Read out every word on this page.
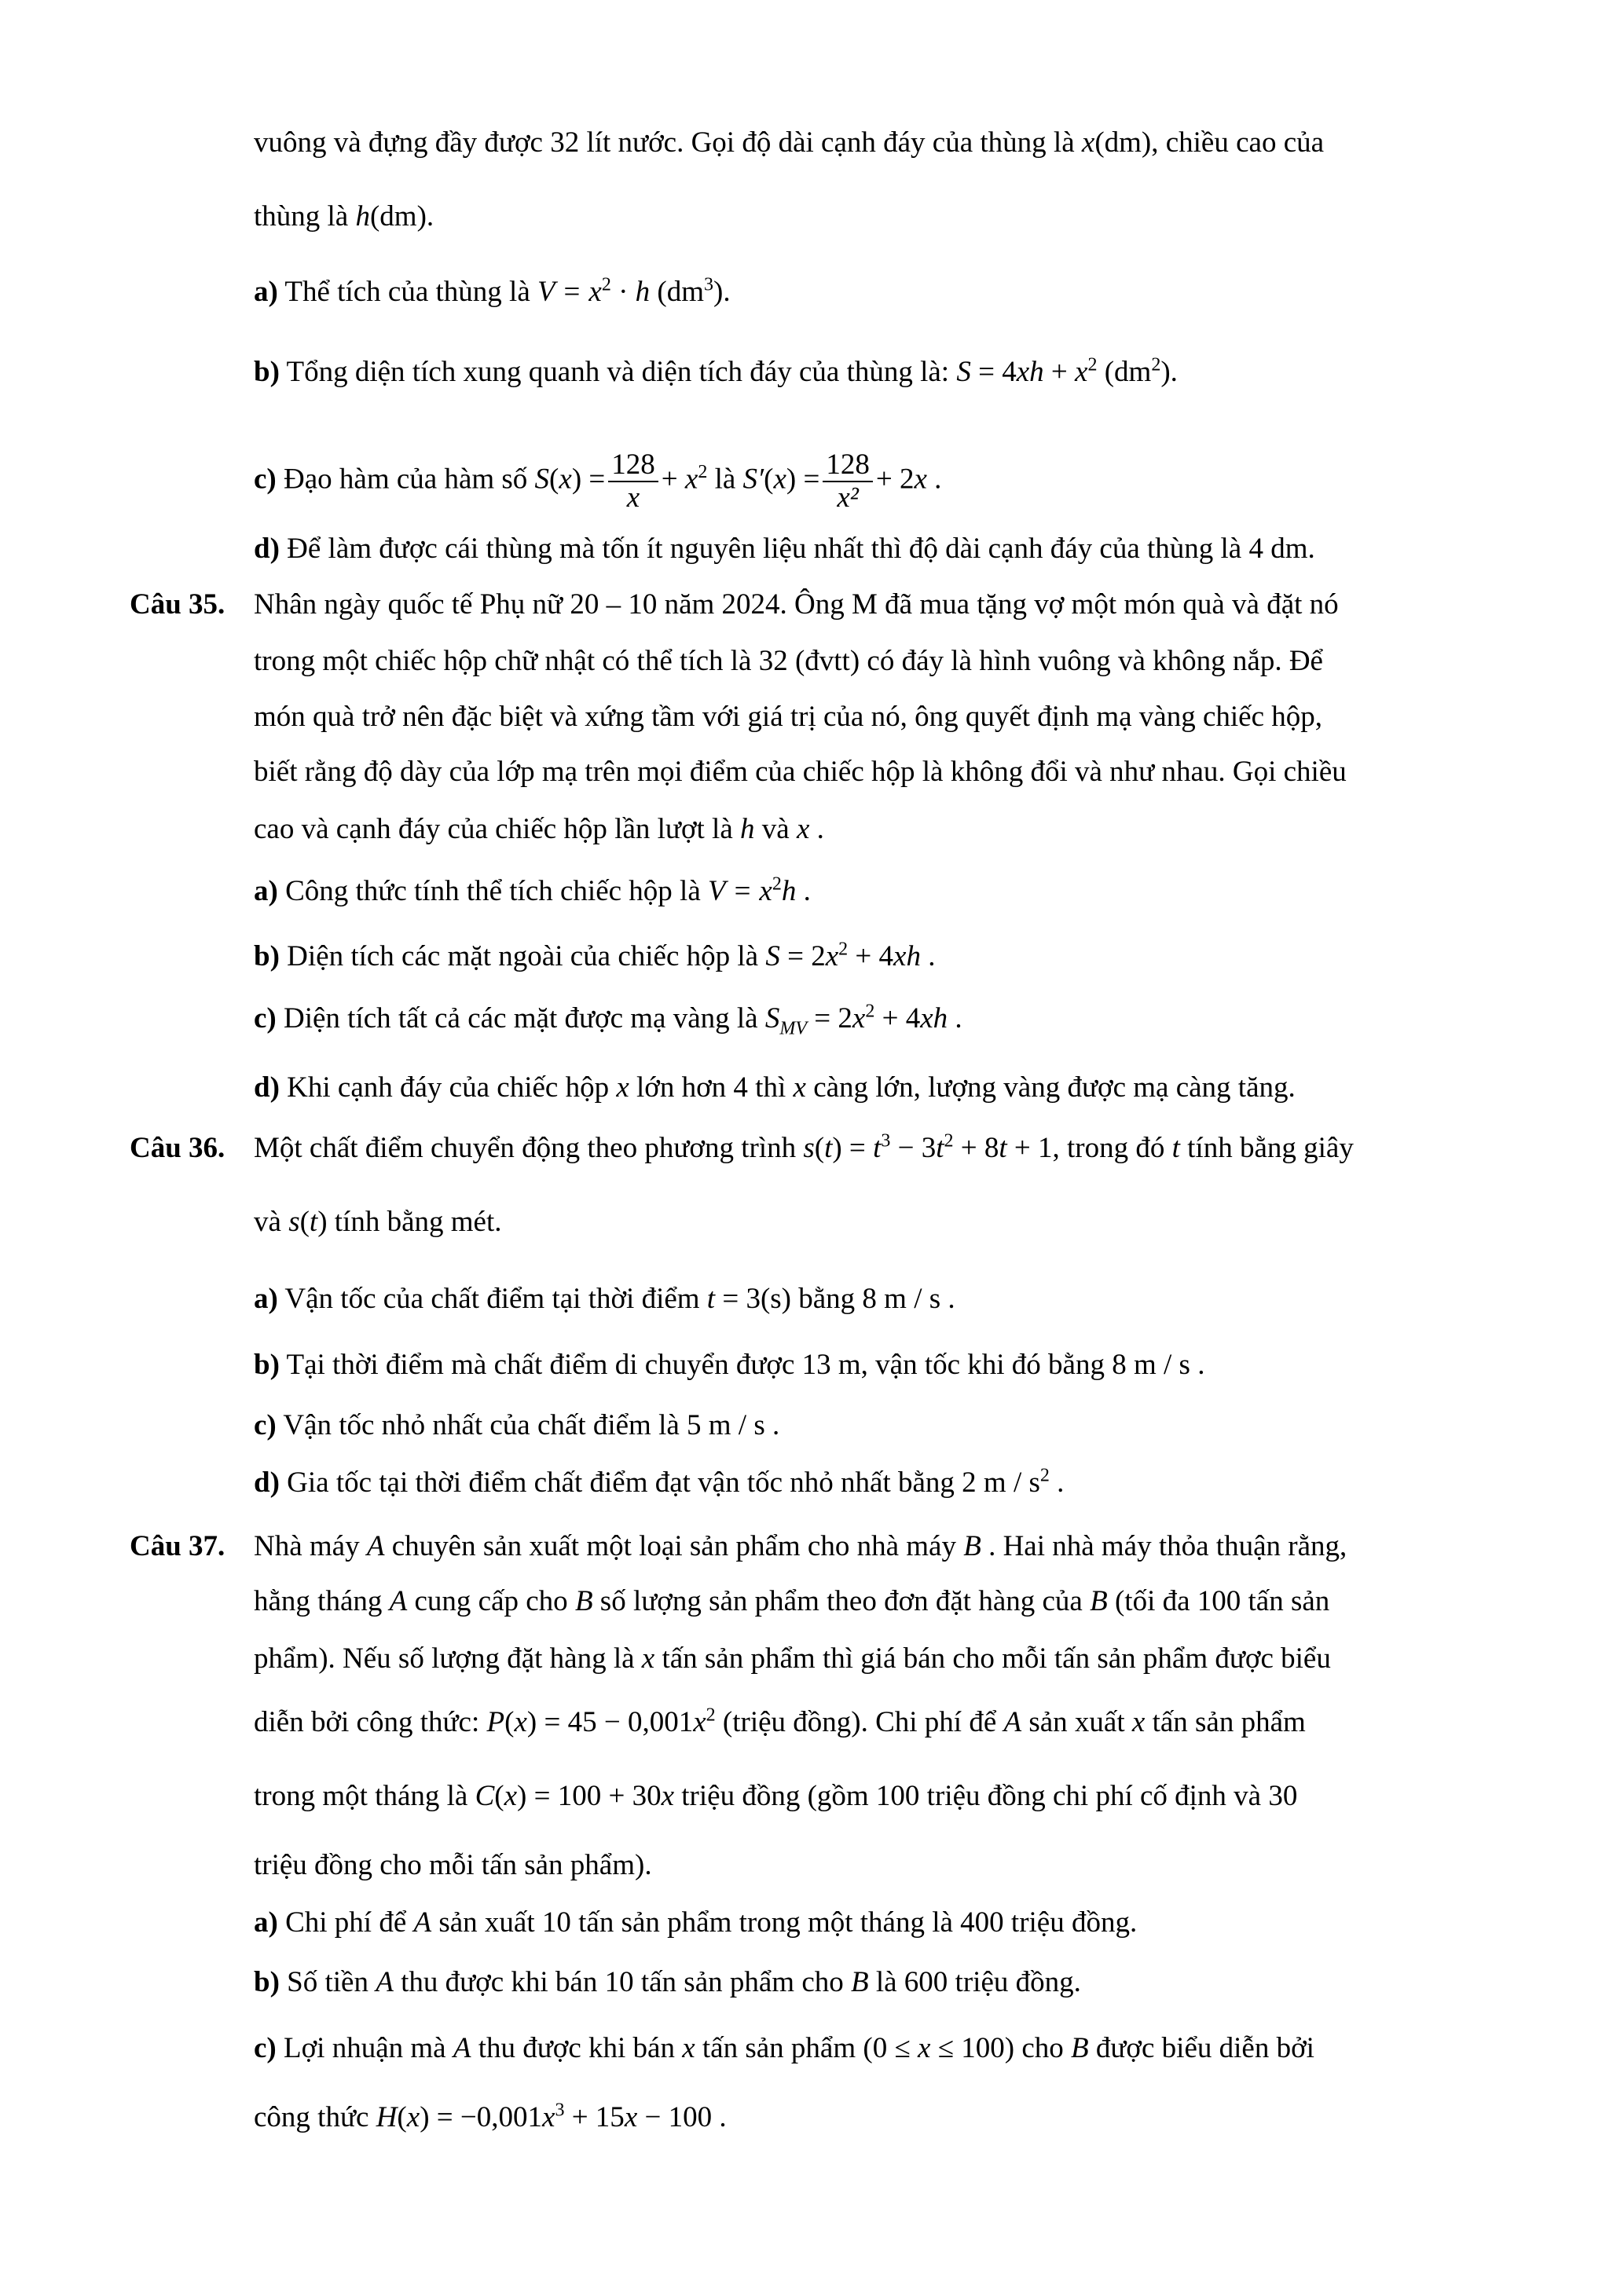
Câu 35.
Câu 36.
Câu 37.
vuông và đựng đầy được 32 lít nước. Gọi độ dài cạnh đáy của thùng là x(dm), chiều cao của
thùng là h(dm).
a) Thể tích của thùng là $V = x^2 \cdot h$ $(dm^3)$.
b) Tổng diện tích xung quanh và diện tích đáy của thùng là: $S = 4xh + x^2$ $(dm^2)$.
c) Đạo hàm của hàm số $S(x) = \frac{128}{x} + x^2$ là $S'(x) = \frac{128}{\text{x²}} + 2x$ .
d) Để làm được cái thùng mà tốn ít nguyên liệu nhất thì độ dài cạnh đáy của thùng là 4 dm.
Nhân ngày quốc tế Phụ nữ 20 – 10 năm 2024. Ông M đã mua tặng vợ một món quà và đặt nó
trong một chiếc hộp chữ nhật có thể tích là 32 (đvtt) có đáy là hình vuông và không nắp. Để
món quà trở nên đặc biệt và xứng tầm với giá trị của nó, ông quyết định mạ vàng chiếc hộp,
biết rằng độ dày của lớp mạ trên mọi điểm của chiếc hộp là không đổi và như nhau. Gọi chiều
cao và cạnh đáy của chiếc hộp lần lượt là h và x .
a) Công thức tính thể tích chiếc hộp là $V = x^2h$ .
b) Diện tích các mặt ngoài của chiếc hộp là $S = 2x^2 + 4xh$ .
c) Diện tích tất cả các mặt được mạ vàng là $S_{MV} = 2x^2 + 4xh$ .
d) Khi cạnh đáy của chiếc hộp x lớn hơn 4 thì x càng lớn, lượng vàng được mạ càng tăng.
Một chất điểm chuyển động theo phương trình $s(t) = t^3 - 3t^2 + 8t + 1$, trong đó t tính bằng giây
và s(t) tính bằng mét.
a) Vận tốc của chất điểm tại thời điểm t = 3(s) bằng 8 m / s .
b) Tại thời điểm mà chất điểm di chuyển được 13 m, vận tốc khi đó bằng 8 m / s .
c) Vận tốc nhỏ nhất của chất điểm là 5 m / s .
d) Gia tốc tại thời điểm chất điểm đạt vận tốc nhỏ nhất bằng 2 m / $s^2$ .
Nhà máy A chuyên sản xuất một loại sản phẩm cho nhà máy B . Hai nhà máy thỏa thuận rằng,
hằng tháng A cung cấp cho B số lượng sản phẩm theo đơn đặt hàng của B (tối đa 100 tấn sản
phẩm). Nếu số lượng đặt hàng là x tấn sản phẩm thì giá bán cho mỗi tấn sản phẩm được biểu
diễn bởi công thức: $P(x) = 45 - 0,001x^2$ (triệu đồng). Chi phí để A sản xuất x tấn sản phẩm
trong một tháng là C(x) = 100 + 30x triệu đồng (gồm 100 triệu đồng chi phí cố định và 30
triệu đồng cho mỗi tấn sản phẩm).
a) Chi phí để A sản xuất 10 tấn sản phẩm trong một tháng là 400 triệu đồng.
b) Số tiền A thu được khi bán 10 tấn sản phẩm cho B là 600 triệu đồng.
c) Lợi nhuận mà A thu được khi bán x tấn sản phẩm (0 ≤ x ≤ 100) cho B được biểu diễn bởi
công thức $H(x) = -0,001x^3 + 15x - 100$ .
